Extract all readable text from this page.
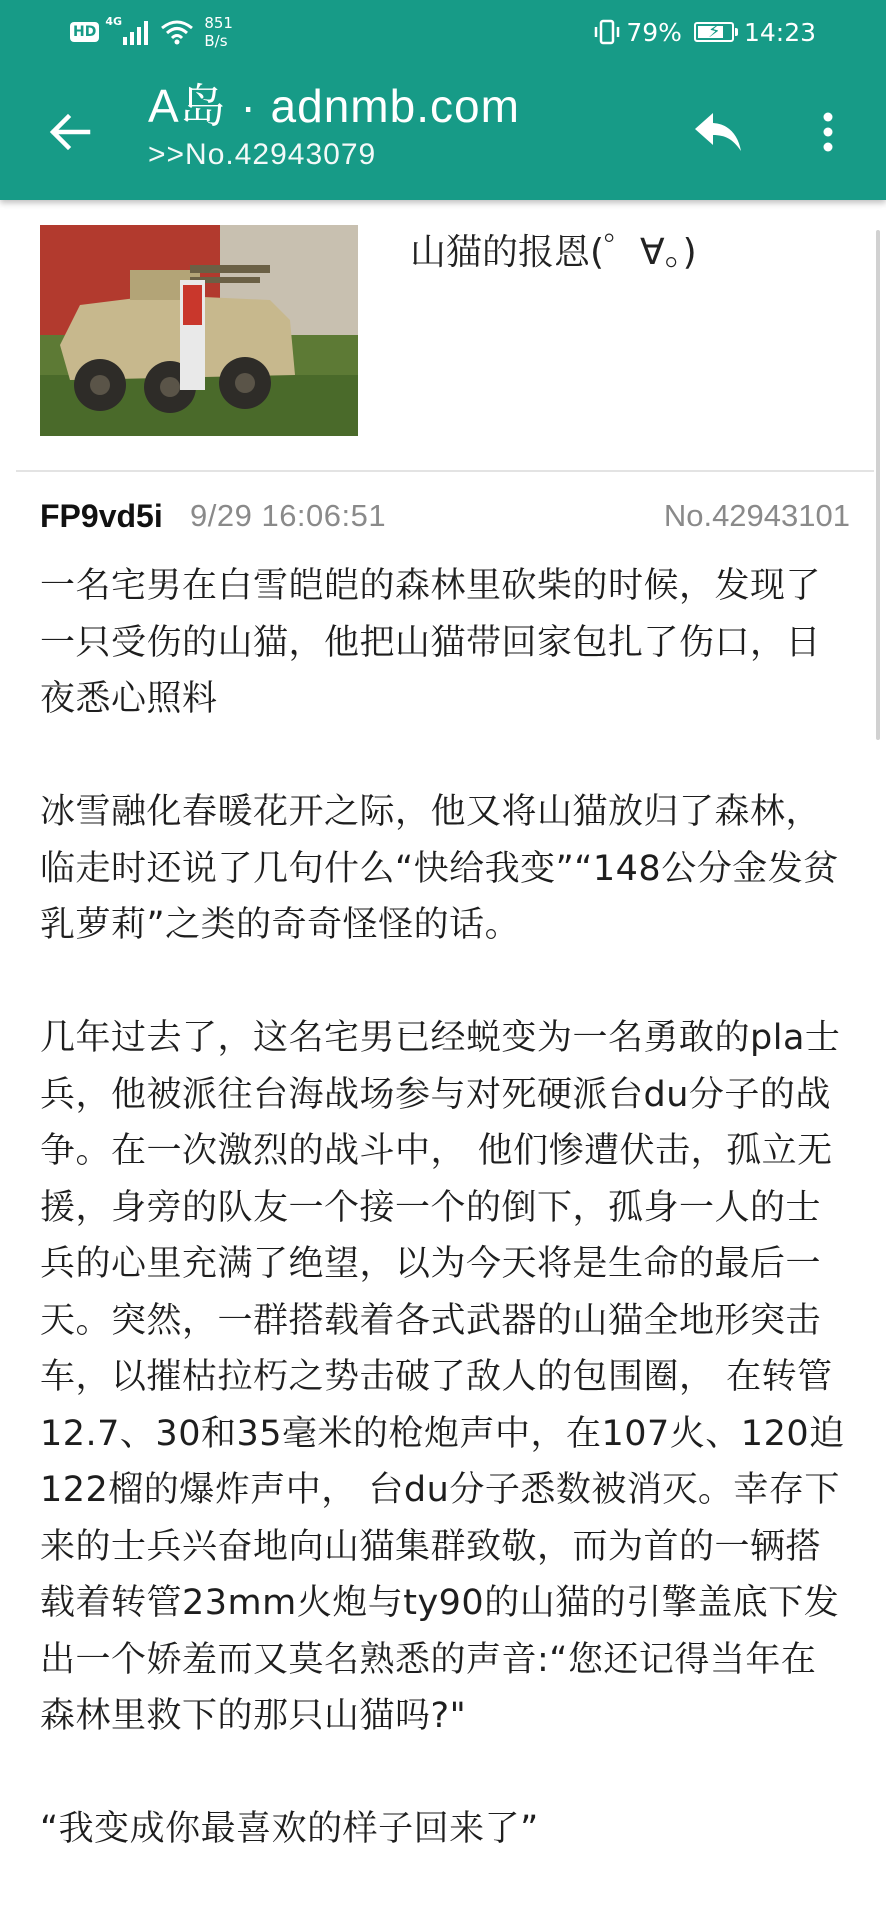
HD
4G	851
B/s	79% ⚡ 14:23
A岛 · adnmb.com
>>No.42943079
山猫的报恩(゜∀。)
FP9vd5i 9/29 16:06:51	No.42943101
一名宅男在白雪皑皑的森林里砍柴的时候，发现了一只受伤的山猫，他把山猫带回家包扎了伤口，日夜悉心照料
冰雪融化春暖花开之际，他又将山猫放归了森林，临走时还说了几句什么“快给我变”“148公分金发贫乳萝莉”之类的奇奇怪怪的话。
几年过去了，这名宅男已经蜕变为一名勇敢的pla士兵，他被派往台海战场参与对死硬派台du分子的战争。在一次激烈的战斗中， 他们惨遭伏击，孤立无援，身旁的队友一个接一个的倒下，孤身一人的士兵的心里充满了绝望，以为今天将是生命的最后一天。突然，一群搭载着各式武器的山猫全地形突击车，以摧枯拉朽之势击破了敌人的包围圈， 在转管12.7、30和35毫米的枪炮声中，在107火、120迫122榴的爆炸声中， 台du分子悉数被消灭。幸存下来的士兵兴奋地向山猫集群致敬，而为首的一辆搭载着转管23mm火炮与ty90的山猫的引擎盖底下发出一个娇羞而又莫名熟悉的声音:“您还记得当年在森林里救下的那只山猫吗?"
“我变成你最喜欢的样子回来了”
